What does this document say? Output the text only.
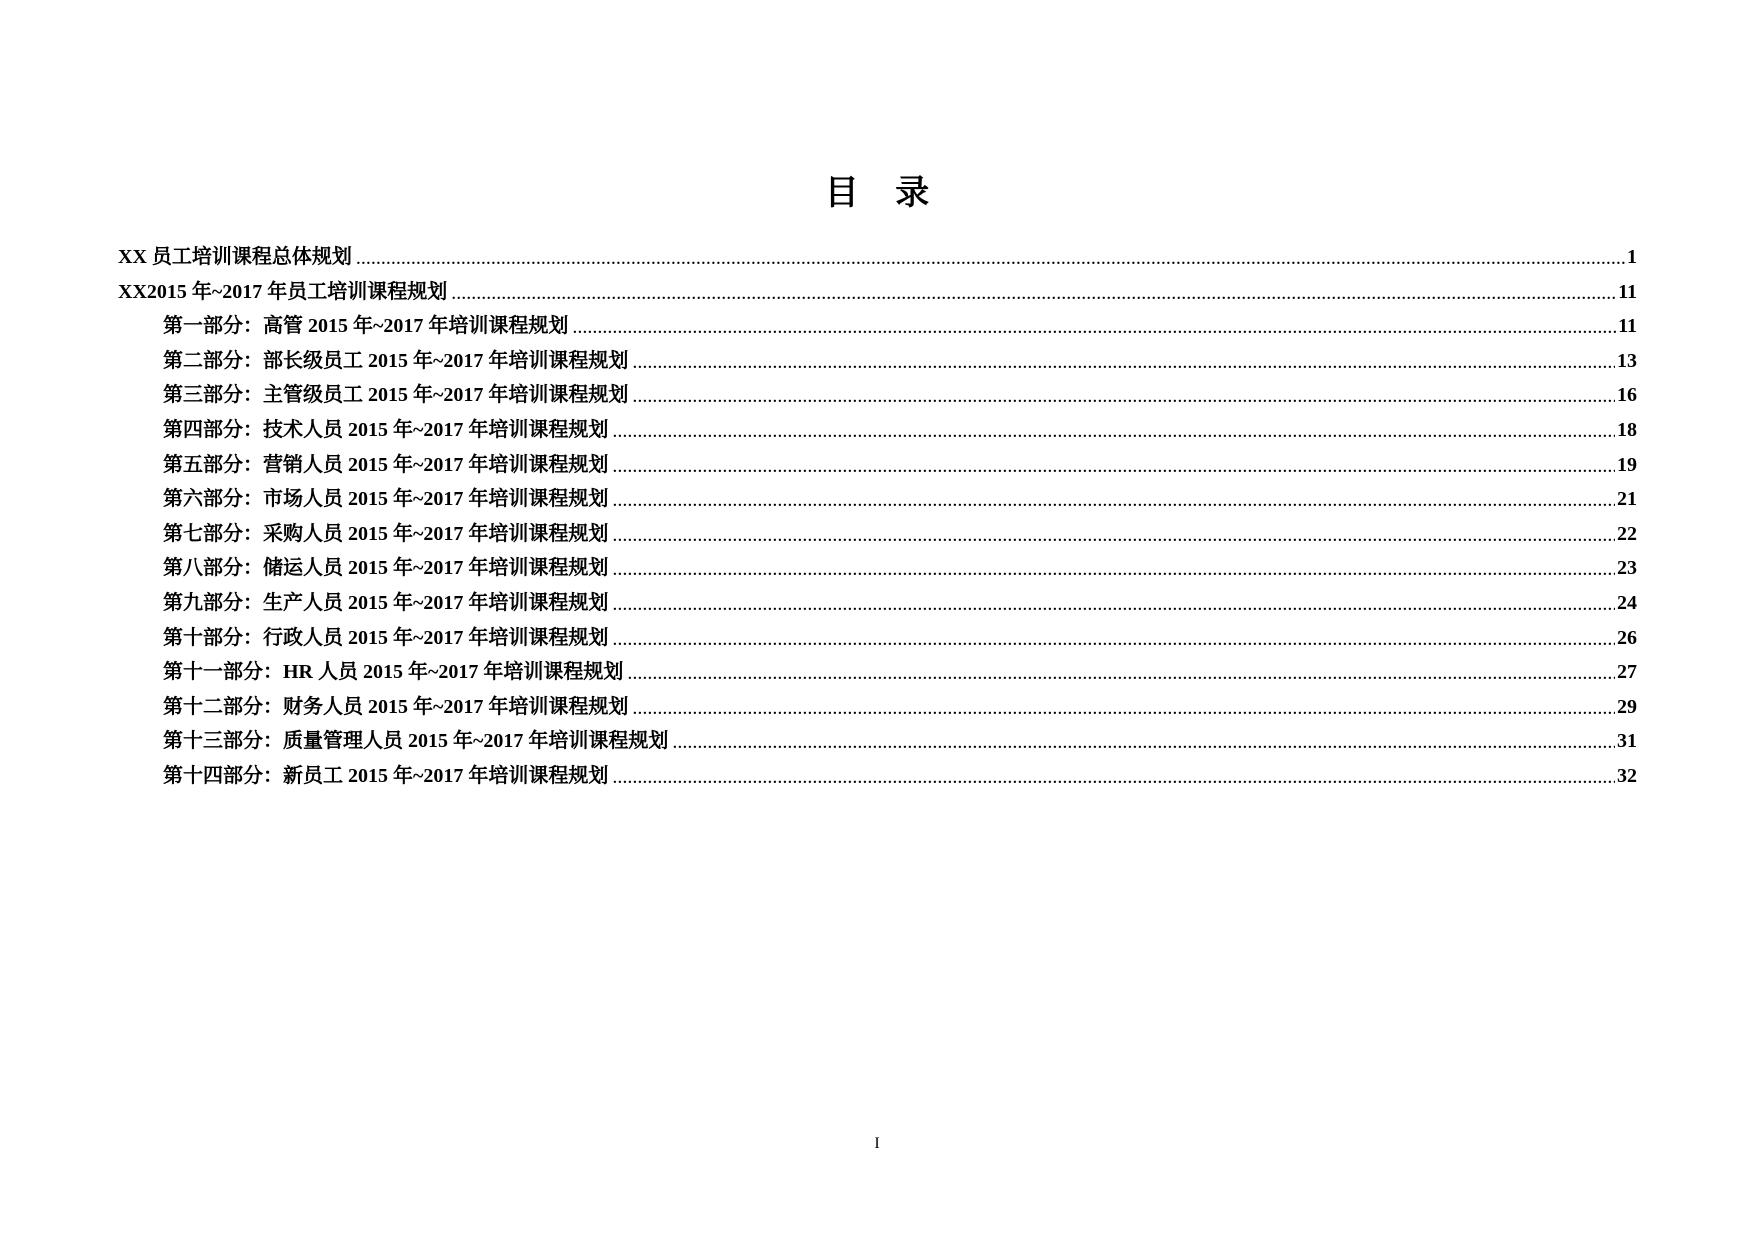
目 录
XX 员工培训课程总体规划 .....	1
XX2015 年~2017 年员工培训课程规划 .....	11
第一部分：高管 2015 年~2017 年培训课程规划 .....	11
第二部分：部长级员工 2015 年~2017 年培训课程规划 .....	13
第三部分：主管级员工 2015 年~2017 年培训课程规划 .....	16
第四部分：技术人员 2015 年~2017 年培训课程规划 .....	18
第五部分：营销人员 2015 年~2017 年培训课程规划 .....	19
第六部分：市场人员 2015 年~2017 年培训课程规划 .....	21
第七部分：采购人员 2015 年~2017 年培训课程规划 .....	22
第八部分：储运人员 2015 年~2017 年培训课程规划 .....	23
第九部分：生产人员 2015 年~2017 年培训课程规划 .....	24
第十部分：行政人员 2015 年~2017 年培训课程规划 .....	26
第十一部分：HR 人员 2015 年~2017 年培训课程规划 .....	27
第十二部分：财务人员 2015 年~2017 年培训课程规划 .....	29
第十三部分：质量管理人员 2015 年~2017 年培训课程规划 .....	31
第十四部分：新员工 2015 年~2017 年培训课程规划 .....	32
I
